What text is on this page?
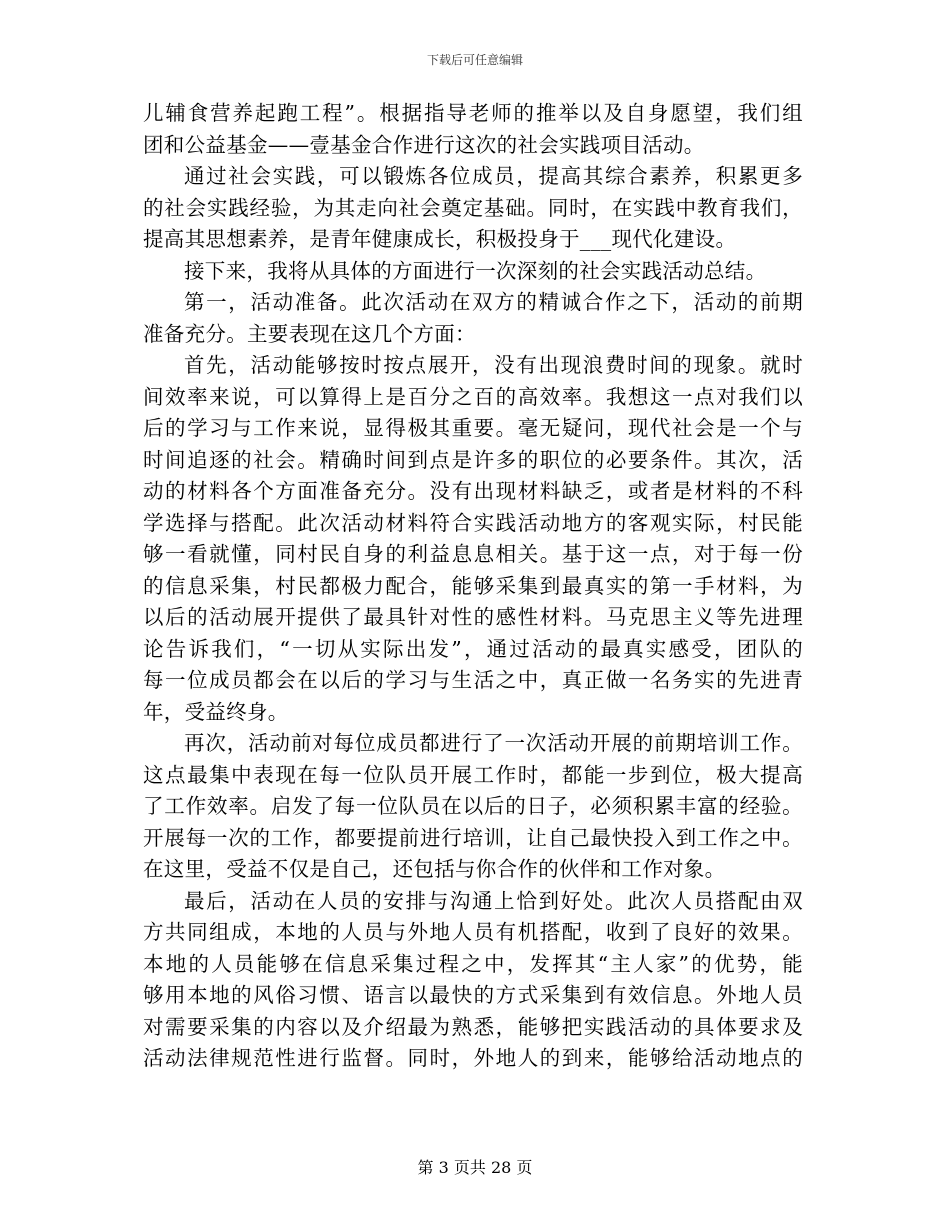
下载后可任意编辑
儿辅食营养起跑工程”。根据指导老师的推举以及自身愿望，我们组
团和公益基金——壹基金合作进行这次的社会实践项目活动。
通过社会实践，可以锻炼各位成员，提高其综合素养，积累更多
的社会实践经验，为其走向社会奠定基础。同时，在实践中教育我们，
提高其思想素养，是青年健康成长，积极投身于___现代化建设。
接下来，我将从具体的方面进行一次深刻的社会实践活动总结。
第一，活动准备。此次活动在双方的精诚合作之下，活动的前期
准备充分。主要表现在这几个方面：
首先，活动能够按时按点展开，没有出现浪费时间的现象。就时
间效率来说，可以算得上是百分之百的高效率。我想这一点对我们以
后的学习与工作来说，显得极其重要。毫无疑问，现代社会是一个与
时间追逐的社会。精确时间到点是许多的职位的必要条件。其次，活
动的材料各个方面准备充分。没有出现材料缺乏，或者是材料的不科
学选择与搭配。此次活动材料符合实践活动地方的客观实际，村民能
够一看就懂，同村民自身的利益息息相关。基于这一点，对于每一份
的信息采集，村民都极力配合，能够采集到最真实的第一手材料，为
以后的活动展开提供了最具针对性的感性材料。马克思主义等先进理
论告诉我们，“一切从实际出发”，通过活动的最真实感受，团队的
每一位成员都会在以后的学习与生活之中，真正做一名务实的先进青
年，受益终身。
再次，活动前对每位成员都进行了一次活动开展的前期培训工作。
这点最集中表现在每一位队员开展工作时，都能一步到位，极大提高
了工作效率。启发了每一位队员在以后的日子，必须积累丰富的经验。
开展每一次的工作，都要提前进行培训，让自己最快投入到工作之中。
在这里，受益不仅是自己，还包括与你合作的伙伴和工作对象。
最后，活动在人员的安排与沟通上恰到好处。此次人员搭配由双
方共同组成，本地的人员与外地人员有机搭配，收到了良好的效果。
本地的人员能够在信息采集过程之中，发挥其“主人家”的优势，能
够用本地的风俗习惯、语言以最快的方式采集到有效信息。外地人员
对需要采集的内容以及介绍最为熟悉，能够把实践活动的具体要求及
活动法律规范性进行监督。同时，外地人的到来，能够给活动地点的
第 3 页共 28 页
